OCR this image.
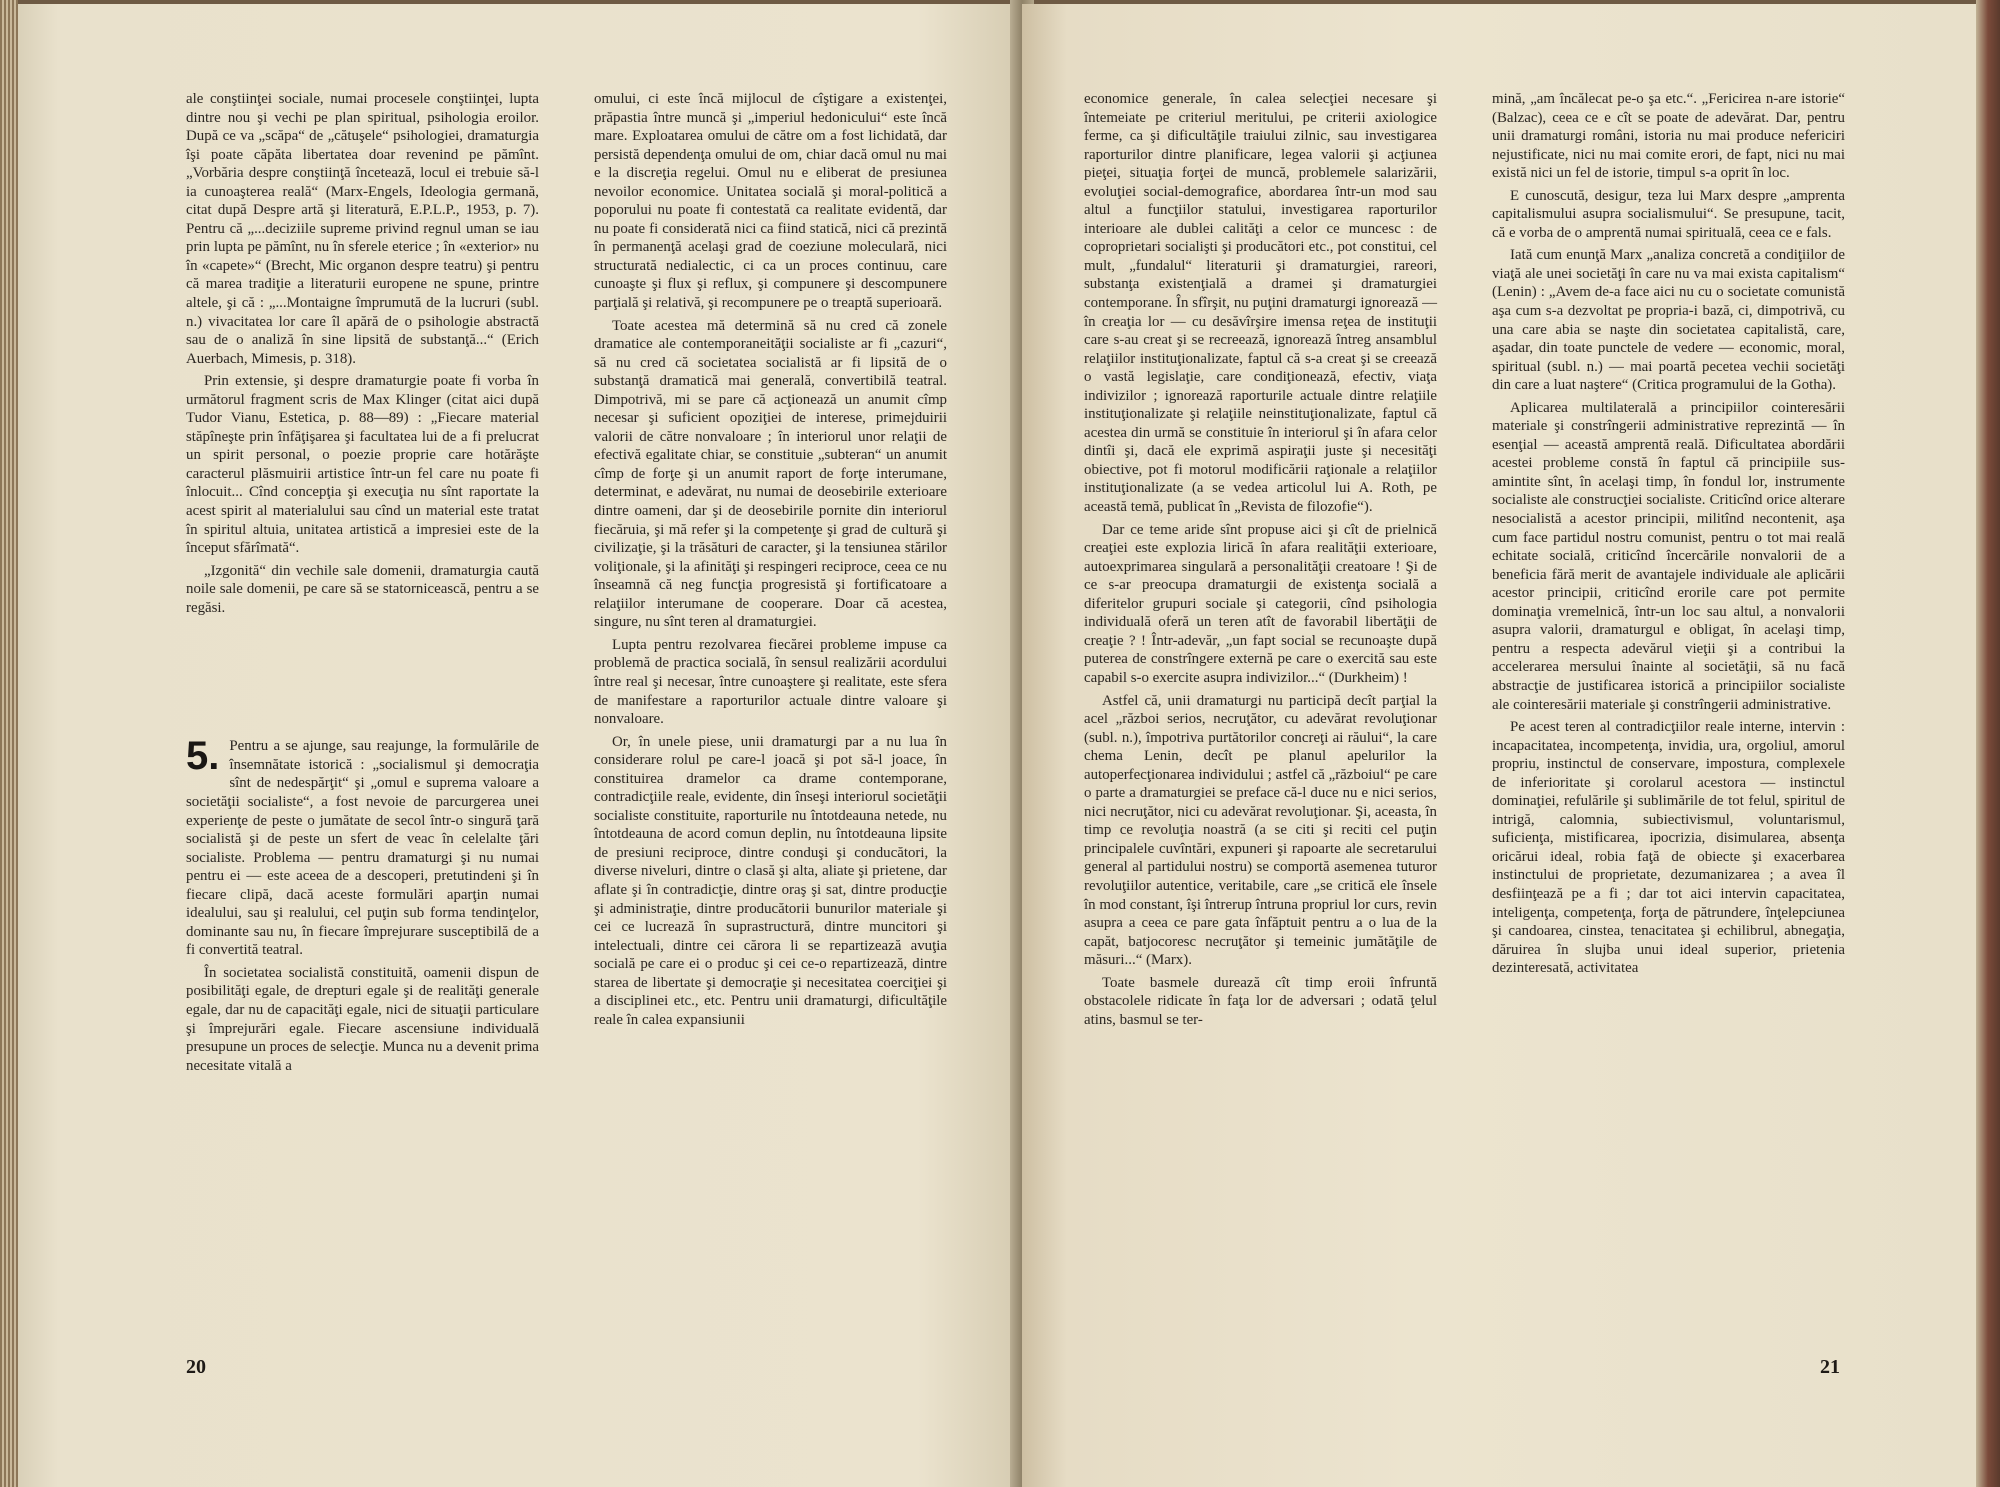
ale conştiinţei sociale, numai procesele conştiinţei, lupta dintre nou şi vechi pe plan spiritual, psihologia eroilor. După ce va „scăpa“ de „cătuşele“ psihologiei, dramaturgia îşi poate căpăta libertatea doar revenind pe pămînt. „Vorbăria despre conştiinţă încetează, locul ei trebuie să-l ia cunoaşterea reală“ (Marx-Engels, Ideologia germană, citat după Despre artă şi literatură, E.P.L.P., 1953, p. 7). Pentru că „...deciziile supreme privind regnul uman se iau prin lupta pe pămînt, nu în sferele eterice ; în «exterior» nu în «capete»“ (Brecht, Mic organon despre teatru) şi pentru că marea tradiţie a literaturii europene ne spune, printre altele, şi că : „...Montaigne împrumută de la lucruri (subl. n.) vivacitatea lor care îl apără de o psihologie abstractă sau de o analiză în sine lipsită de substanţă...“ (Erich Auerbach, Mimesis, p. 318).

Prin extensie, şi despre dramaturgie poate fi vorba în următorul fragment scris de Max Klinger (citat aici după Tudor Vianu, Estetica, p. 88—89) : „Fiecare material stăpîneşte prin înfăţişarea şi facultatea lui de a fi prelucrat un spirit personal, o poezie proprie care hotărăşte caracterul plăsmuirii artistice într-un fel care nu poate fi înlocuit... Cînd concepţia şi execuţia nu sînt raportate la acest spirit al materialului sau cînd un material este tratat în spiritul altuia, unitatea artistică a impresiei este de la început sfărîmată“.

„Izgonită“ din vechile sale domenii, dramaturgia caută noile sale domenii, pe care să se statornicească, pentru a se regăsi.

5. Pentru a se ajunge, sau reajunge, la formulările de însemnătate istorică : „socialismul şi democraţia sînt de nedespărţit“ şi „omul e suprema valoare a societăţii socialiste“, a fost nevoie de parcurgerea unei experienţe de peste o jumătate de secol într-o singură ţară socialistă şi de peste un sfert de veac în celelalte ţări socialiste. Problema — pentru dramaturgi şi nu numai pentru ei — este aceea de a descoperi, pretutindeni şi în fiecare clipă, dacă aceste formulări aparţin numai idealului, sau şi realului, cel puţin sub forma tendinţelor, dominante sau nu, în fiecare împrejurare susceptibilă de a fi convertită teatral.

În societatea socialistă constituită, oamenii dispun de posibilităţi egale, de drepturi egale şi de realităţi generale egale, dar nu de capacităţi egale, nici de situaţii particulare şi împrejurări egale. Fiecare ascensiune individuală presupune un proces de selecţie. Munca nu a devenit prima necesitate vitală a

omului, ci este încă mijlocul de cîştigare a existenţei, prăpastia între muncă şi „imperiul hedonicului“ este încă mare. Exploatarea omului de către om a fost lichidată, dar persistă dependenţa omului de om, chiar dacă omul nu mai e la discreţia regelui. Omul nu e eliberat de presiunea nevoilor economice. Unitatea socială şi moral-politică a poporului nu poate fi contestată ca realitate evidentă, dar nu poate fi considerată nici ca fiind statică, nici că prezintă în permanenţă acelaşi grad de coeziune moleculară, nici structurată nedialectic, ci ca un proces continuu, care cunoaşte şi flux şi reflux, şi compunere şi descompunere parţială şi relativă, şi recompunere pe o treaptă superioară.

Toate acestea mă determină să nu cred că zonele dramatice ale contemporaneităţii socialiste ar fi „cazuri“, să nu cred că societatea socialistă ar fi lipsită de o substanţă dramatică mai generală, convertibilă teatral. Dimpotrivă, mi se pare că acţionează un anumit cîmp necesar şi suficient opoziţiei de interese, primejduirii valorii de către nonvaloare ; în interiorul unor relaţii de efectivă egalitate chiar, se constituie „subteran“ un anumit cîmp de forţe şi un anumit raport de forţe interumane, determinat, e adevărat, nu numai de deosebirile exterioare dintre oameni, dar şi de deosebirile pornite din interiorul fiecăruia, şi mă refer şi la competenţe şi grad de cultură şi civilizaţie, şi la trăsături de caracter, şi la tensiunea stărilor voliţionale, şi la afinităţi şi respingeri reciproce, ceea ce nu înseamnă că neg funcţia progresistă şi fortificatoare a relaţiilor interumane de cooperare. Doar că acestea, singure, nu sînt teren al dramaturgiei.

Lupta pentru rezolvarea fiecărei probleme impuse ca problemă de practica socială, în sensul realizării acordului între real şi necesar, între cunoaştere şi realitate, este sfera de manifestare a raporturilor actuale dintre valoare şi nonvaloare.

Or, în unele piese, unii dramaturgi par a nu lua în considerare rolul pe care-l joacă şi pot să-l joace, în constituirea dramelor ca drame contemporane, contradicţiile reale, evidente, din înseşi interiorul societăţii socialiste constituite, raporturile nu întotdeauna netede, nu întotdeauna de acord comun deplin, nu întotdeauna lipsite de presiuni reciproce, dintre conduşi şi conducători, la diverse niveluri, dintre o clasă şi alta, aliate şi prietene, dar aflate şi în contradicţie, dintre oraş şi sat, dintre producţie şi administraţie, dintre producătorii bunurilor materiale şi cei ce lucrează în suprastructură, dintre muncitori şi intelectuali, dintre cei cărora li se repartizează avuţia socială pe care ei o produc şi cei ce-o repartizează, dintre starea de libertate şi democraţie şi necesitatea coerciţiei şi a disciplinei etc., etc. Pentru unii dramaturgi, dificultăţile reale în calea expansiunii

20

economice generale, în calea selecţiei necesare şi întemeiate pe criteriul meritului, pe criterii axiologice ferme, ca şi dificultăţile traiului zilnic, sau investigarea raporturilor dintre planificare, legea valorii şi acţiunea pieţei, situaţia forţei de muncă, problemele salarizării, evoluţiei social-demografice, abordarea într-un mod sau altul a funcţiilor statului, investigarea raporturilor interioare ale dublei calităţi a celor ce muncesc : de coproprietari socialişti şi producători etc., pot constitui, cel mult, „fundalul“ literaturii şi dramaturgiei, rareori, substanţa existenţială a dramei şi dramaturgiei contemporane. În sfîrşit, nu puţini dramaturgi ignorează — în creaţia lor — cu desăvîrşire imensa reţea de instituţii care s-au creat şi se recreează, ignorează întreg ansamblul relaţiilor instituţionalizate, faptul că s-a creat şi se creează o vastă legislaţie, care condiţionează, efectiv, viaţa indivizilor ; ignorează raporturile actuale dintre relaţiile instituţionalizate şi relaţiile neinstituţionalizate, faptul că acestea din urmă se constituie în interiorul şi în afara celor dintîi şi, dacă ele exprimă aspiraţii juste şi necesităţi obiective, pot fi motorul modificării raţionale a relaţiilor instituţionalizate (a se vedea articolul lui A. Roth, pe această temă, publicat în „Revista de filozofie“).

Dar ce teme aride sînt propuse aici şi cît de prielnică creaţiei este explozia lirică în afara realităţii exterioare, autoexprimarea singulară a personalităţii creatoare ! Şi de ce s-ar preocupa dramaturgii de existenţa socială a diferitelor grupuri sociale şi categorii, cînd psihologia individuală oferă un teren atît de favorabil libertăţii de creaţie ? ! Într-adevăr, „un fapt social se recunoaşte după puterea de constrîngere externă pe care o exercită sau este capabil s-o exercite asupra indivizilor...“ (Durkheim) !

Astfel că, unii dramaturgi nu participă decît parţial la acel „război serios, necruţător, cu adevărat revoluţionar (subl. n.), împotriva purtătorilor concreţi ai răului“, la care chema Lenin, decît pe planul apelurilor la autoperfecţionarea individului ; astfel că „războiul“ pe care o parte a dramaturgiei se preface că-l duce nu e nici serios, nici necruţător, nici cu adevărat revoluţionar. Şi, aceasta, în timp ce revoluţia noastră (a se citi şi reciti cel puţin principalele cuvîntări, expuneri şi rapoarte ale secretarului general al partidului nostru) se comportă asemenea tuturor revoluţiilor autentice, veritabile, care „se critică ele însele în mod constant, îşi întrerup întruna propriul lor curs, revin asupra a ceea ce pare gata înfăptuit pentru a o lua de la capăt, batjocoresc necruţător şi temeinic jumătăţile de măsuri...“ (Marx).

Toate basmele durează cît timp eroii înfruntă obstacolele ridicate în faţa lor de adversari ; odată ţelul atins, basmul se ter-

mină, „am încălecat pe-o şa etc.“. „Fericirea n-are istorie“ (Balzac), ceea ce e cît se poate de adevărat. Dar, pentru unii dramaturgi români, istoria nu mai produce nefericiri nejustificate, nici nu mai comite erori, de fapt, nici nu mai există nici un fel de istorie, timpul s-a oprit în loc.

E cunoscută, desigur, teza lui Marx despre „amprenta capitalismului asupra socialismului“. Se presupune, tacit, că e vorba de o amprentă numai spirituală, ceea ce e fals.

Iată cum enunţă Marx „analiza concretă a condiţiilor de viaţă ale unei societăţi în care nu va mai exista capitalism“ (Lenin) : „Avem de-a face aici nu cu o societate comunistă aşa cum s-a dezvoltat pe propria-i bază, ci, dimpotrivă, cu una care abia se naşte din societatea capitalistă, care, aşadar, din toate punctele de vedere — economic, moral, spiritual (subl. n.) — mai poartă pecetea vechii societăţi din care a luat naştere“ (Critica programului de la Gotha).

Aplicarea multilaterală a principiilor cointeresării materiale şi constrîngerii administrative reprezintă — în esenţial — această amprentă reală. Dificultatea abordării acestei probleme constă în faptul că principiile sus-amintite sînt, în acelaşi timp, în fondul lor, instrumente socialiste ale construcţiei socialiste. Criticînd orice alterare nesocialistă a acestor principii, militînd necontenit, aşa cum face partidul nostru comunist, pentru o tot mai reală echitate socială, criticînd încercările nonvalorii de a beneficia fără merit de avantajele individuale ale aplicării acestor principii, criticînd erorile care pot permite dominaţia vremelnică, într-un loc sau altul, a nonvalorii asupra valorii, dramaturgul e obligat, în acelaşi timp, pentru a respecta adevărul vieţii şi a contribui la accelerarea mersului înainte al societăţii, să nu facă abstracţie de justificarea istorică a principiilor socialiste ale cointeresării materiale şi constrîngerii administrative.

Pe acest teren al contradicţiilor reale interne, intervin : incapacitatea, incompetenţa, invidia, ura, orgoliul, amorul propriu, instinctul de conservare, impostura, complexele de inferioritate şi corolarul acestora — instinctul dominaţiei, refulările şi sublimările de tot felul, spiritul de intrigă, calomnia, subiectivismul, voluntarismul, suficienţa, mistificarea, ipocrizia, disimularea, absenţa oricărui ideal, robia faţă de obiecte şi exacerbarea instinctului de proprietate, dezumanizarea ; a avea îl desfiinţează pe a fi ; dar tot aici intervin capacitatea, inteligenţa, competenţa, forţa de pătrundere, înţelepciunea şi candoarea, cinstea, tenacitatea şi echilibrul, abnegaţia, dăruirea în slujba unui ideal superior, prietenia dezinteresată, activitatea

21
